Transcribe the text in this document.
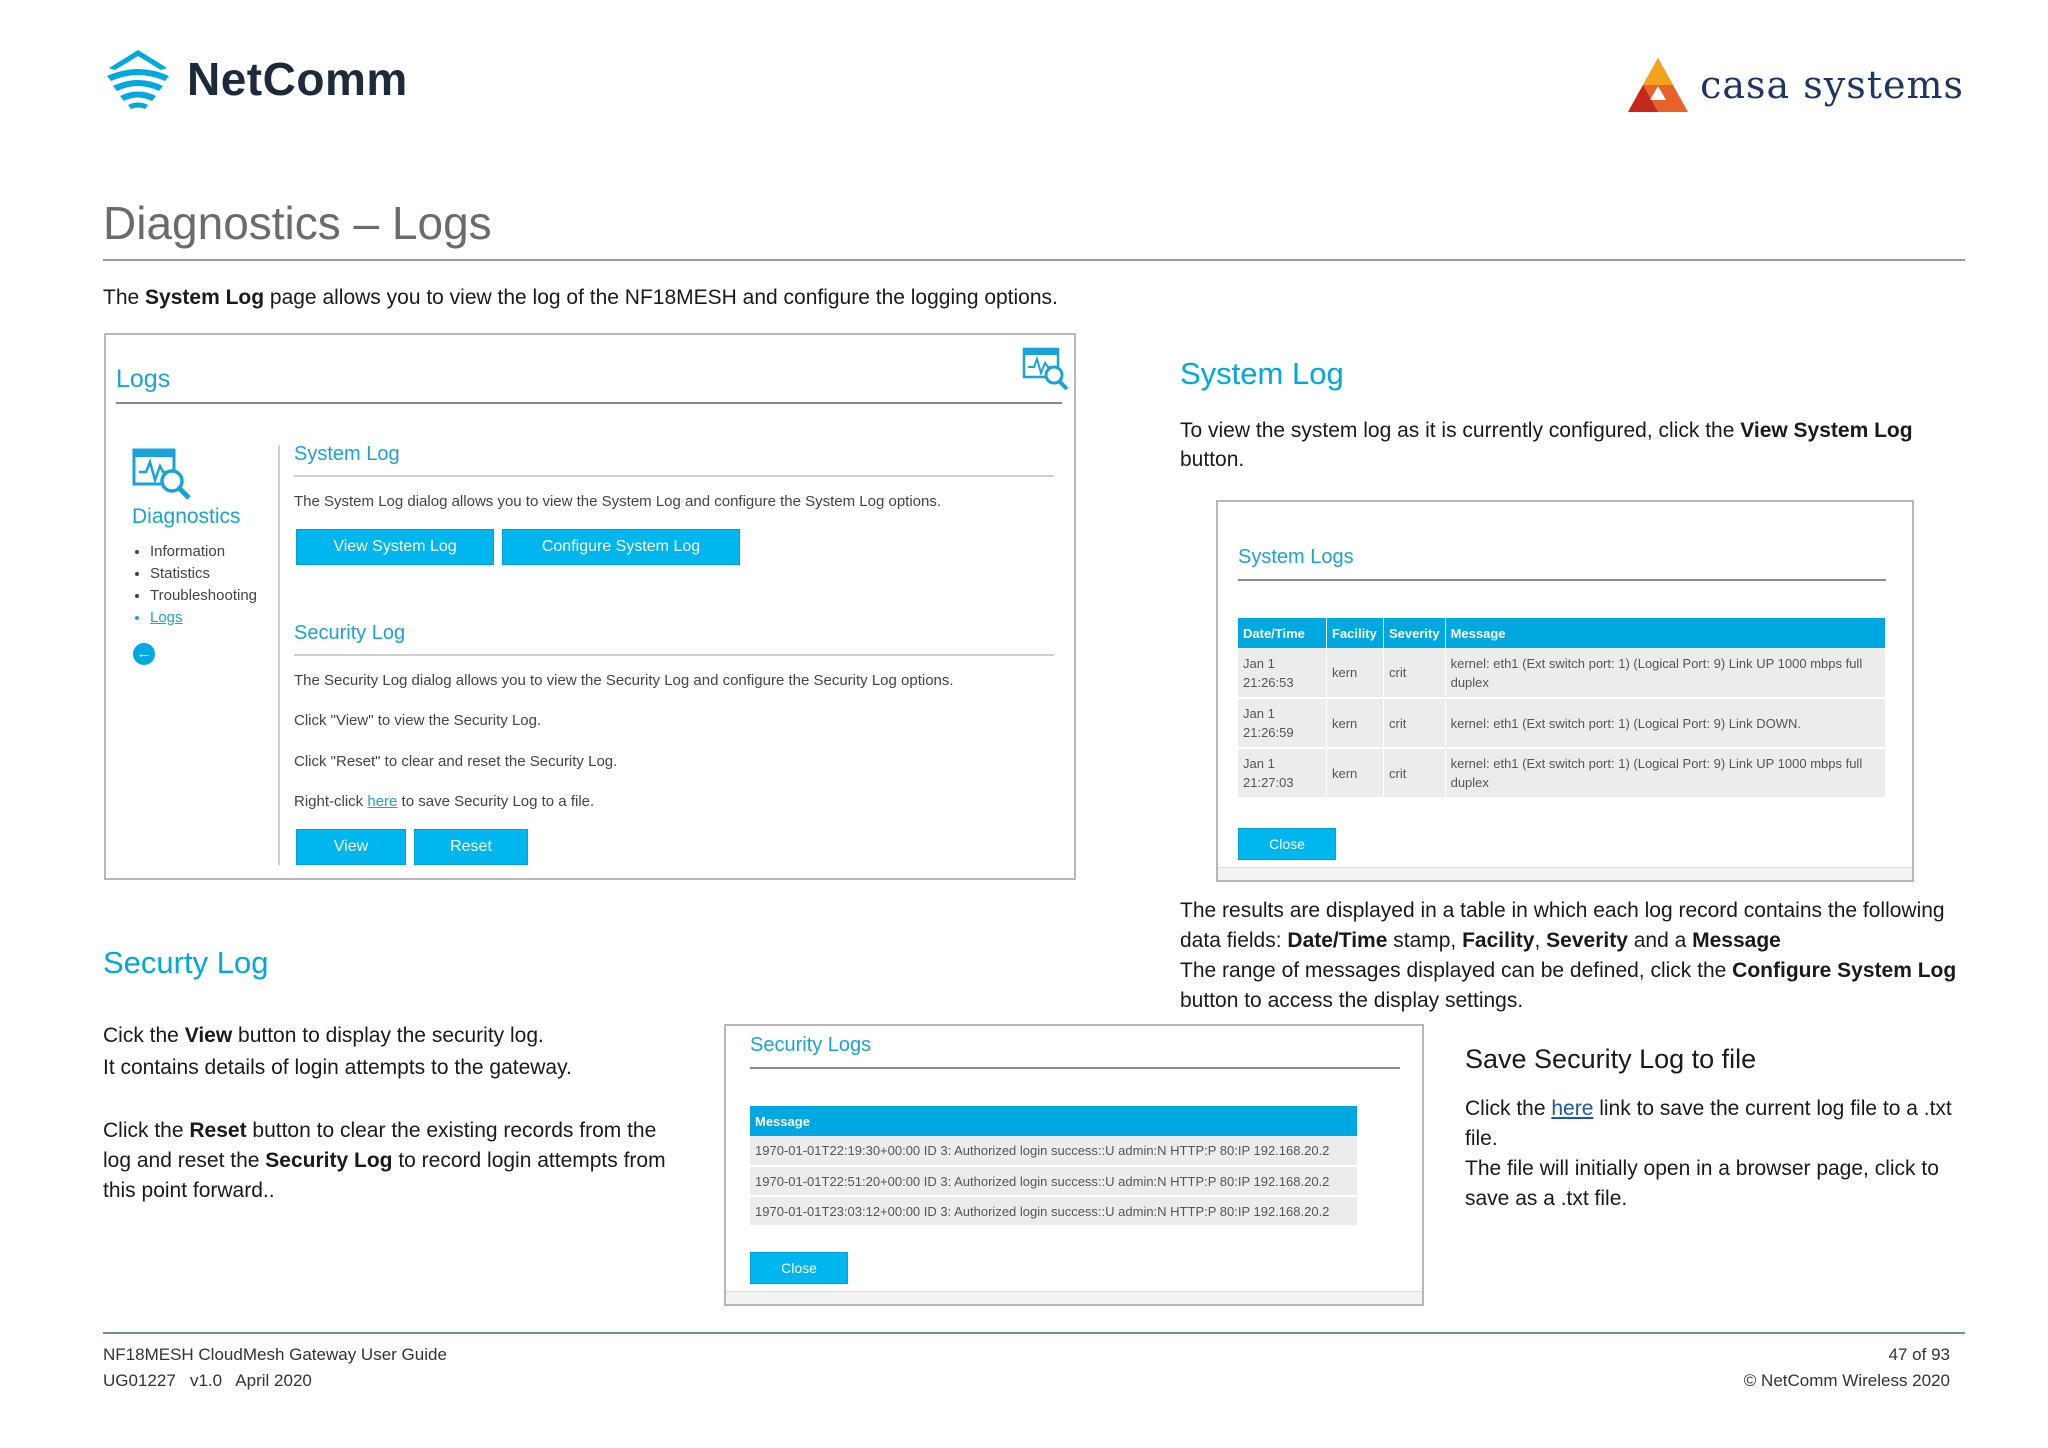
NetComm	casa systems
Diagnostics – Logs
The System Log page allows you to view the log of the NF18MESH and configure the logging options.
Logs
Diagnostics
• Information
• Statistics
• Troubleshooting
• Logs
←
System Log
The System Log dialog allows you to view the System Log and configure the System Log options.
View System Log	Configure System Log
Security Log
The Security Log dialog allows you to view the Security Log and configure the Security Log options.
Click "View" to view the Security Log.
Click "Reset" to clear and reset the Security Log.
Right-click here to save Security Log to a file.
View	Reset
System Log
To view the system log as it is currently configured, click the View System Log button.
System Logs
Date/Time	Facility	Severity	Message

Jan 1
21:26:53	kern	crit	kernel: eth1 (Ext switch port: 1) (Logical Port: 9) Link UP 1000 mbps full duplex

Jan 1
21:26:59	kern	crit	kernel: eth1 (Ext switch port: 1) (Logical Port: 9) Link DOWN.

Jan 1
21:27:03	kern	crit	kernel: eth1 (Ext switch port: 1) (Logical Port: 9) Link UP 1000 mbps full duplex
Close
The results are displayed in a table in which each log record contains the following data fields: Date/Time stamp, Facility, Severity and a Message
The range of messages displayed can be defined, click the Configure System Log button to access the display settings.
Securty Log
Cick the View button to display the security log.
It contains details of login attempts to the gateway.
Click the Reset button to clear the existing records from the log and reset the Security Log to record login attempts from this point forward..
Security Logs
Message
1970-01-01T22:19:30+00:00 ID 3: Authorized login success::U admin:N HTTP:P 80:IP 192.168.20.2
1970-01-01T22:51:20+00:00 ID 3: Authorized login success::U admin:N HTTP:P 80:IP 192.168.20.2
1970-01-01T23:03:12+00:00 ID 3: Authorized login success::U admin:N HTTP:P 80:IP 192.168.20.2
Close
Save Security Log to file
Click the here link to save the current log file to a .txt file.
The file will initially open in a browser page, click to save as a .txt file.
NF18MESH CloudMesh Gateway User Guide
UG01227   v1.0   April 2020
47 of 93
© NetComm Wireless 2020
